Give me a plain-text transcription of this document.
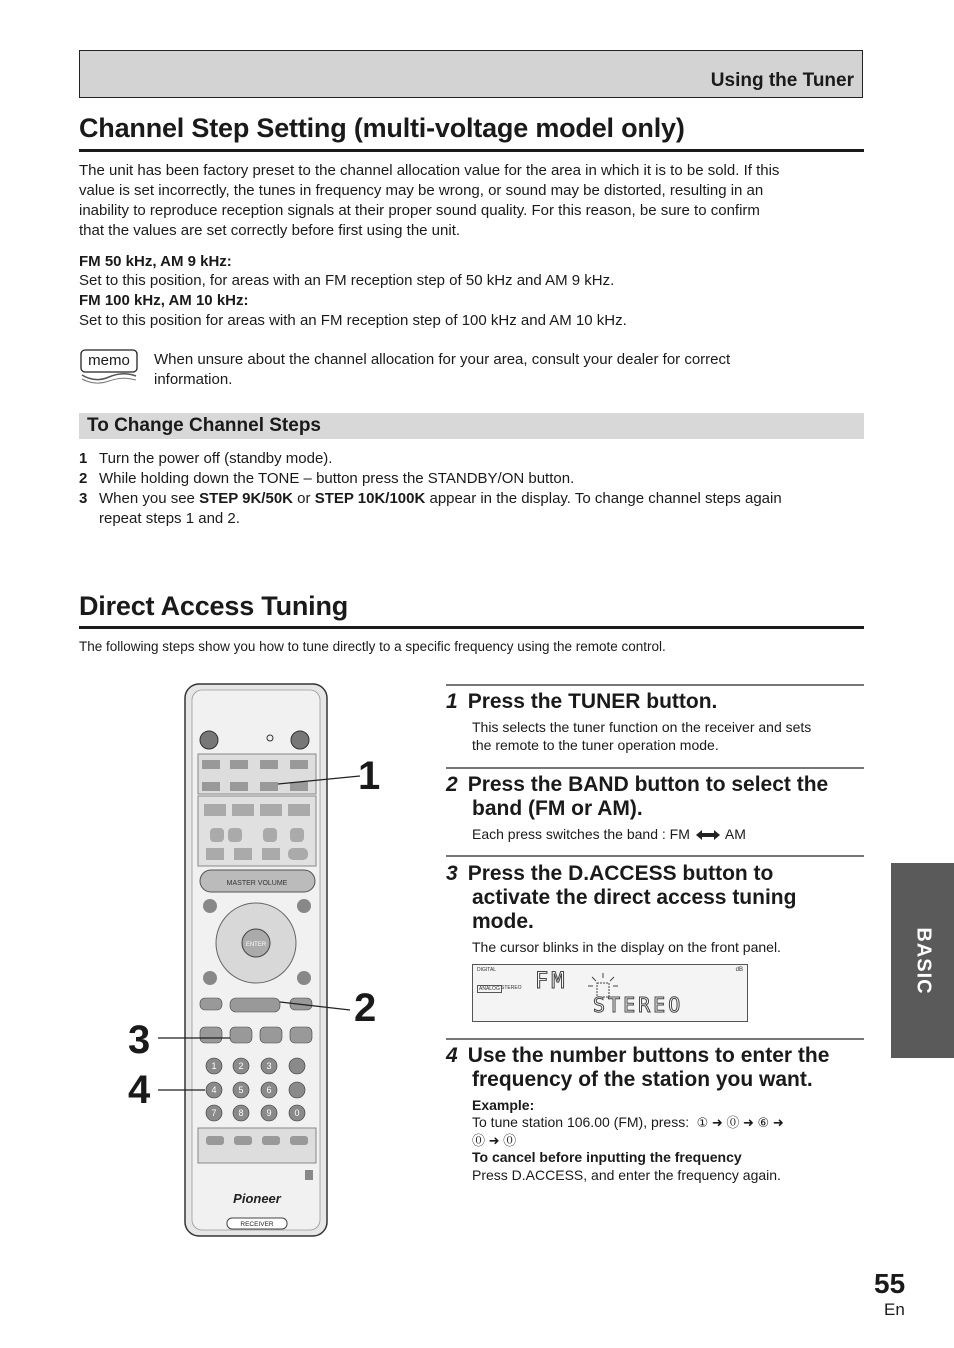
Using the Tuner
Channel Step Setting (multi-voltage model only)
The unit has been factory preset to the channel allocation value for the area in which it is to be sold. If this
value is set incorrectly, the tunes in frequency may be wrong, or sound may be distorted, resulting in an
inability to reproduce reception signals at their proper sound quality. For this reason, be sure to confirm
that the values are set correctly before first using the unit.
FM 50 kHz, AM 9 kHz:
Set to this position, for areas with an FM reception step of 50 kHz and AM 9 kHz.
FM 100 kHz, AM 10 kHz:
Set to this position for areas with an FM reception step of 100 kHz and AM 10 kHz.
memo	When unsure about the channel allocation for your area, consult your dealer for correct
information.
To Change Channel Steps
1 Turn the power off (standby mode).
2 While holding down the TONE – button press the STANDBY/ON button.
3 When you see STEP 9K/50K or STEP 10K/100K appear in the display. To change channel steps again
repeat steps 1 and 2.
Direct Access Tuning
The following steps show you how to tune directly to a specific frequency using the remote control.
MASTER VOLUME
ENTER
1 2	3
4 5	6
7 8	9	0
Pioneer
RECEIVER
1
2
3
4
1 Press the TUNER button.
This selects the tuner function on the receiver and sets
the remote to the tuner operation mode.
2 Press the BAND button to select the
band (FM or AM).
Each press switches the band : FM	AM
3 Press the D.ACCESS button to
activate the direct access tuning
mode.
The cursor blinks in the display on the front panel.
DIGITAL
ANALOG STEREO
dB
FM
STEREO
4 Use the number buttons to enter the
frequency of the station you want.
Example:
To tune station 106.00 (FM), press:  ① ➜ ⓪ ➜ ⑥ ➜
⓪ ➜ ⓪
To cancel before inputting the frequency
Press D.ACCESS, and enter the frequency again.
BASIC
55
En
